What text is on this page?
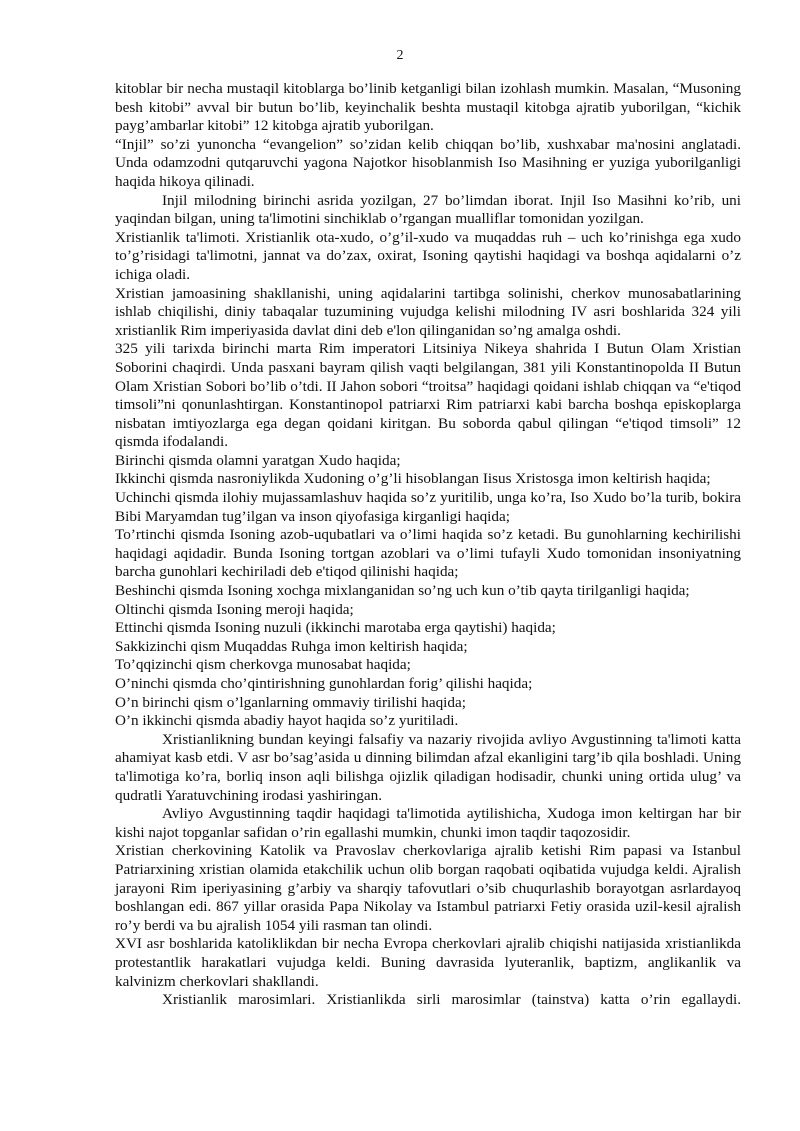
2

kitoblar bir necha mustaqil kitoblarga bo’linib ketganligi bilan izohlash mumkin. Masalan, “Musoning besh kitobi” avval bir butun bo’lib, keyinchalik beshta mustaqil kitobga ajratib yuborilgan, “kichik payg’ambarlar kitobi” 12 kitobga ajratib yuborilgan.

“Injil” so’zi yunoncha “evangelion” so’zidan kelib chiqqan bo’lib, xushxabar ma'nosini anglatadi. Unda odamzodni qutqaruvchi yagona Najotkor hisoblanmish Iso Masihning er yuziga yuborilganligi haqida hikoya qilinadi.

Injil milodning birinchi asrida yozilgan, 27 bo’limdan iborat. Injil Iso Masihni ko’rib, uni yaqindan bilgan, uning ta'limotini sinchiklab o’rgangan mualliflar tomonidan yozilgan.

Xristianlik ta'limoti. Xristianlik ota-xudo, o’g’il-xudo va muqaddas ruh – uch ko’rinishga ega xudo to’g’risidagi ta'limotni, jannat va do’zax, oxirat, Isoning qaytishi haqidagi va boshqa aqidalarni o’z ichiga oladi.

Xristian jamoasining shakllanishi, uning aqidalarini tartibga solinishi, cherkov munosabatlarining ishlab chiqilishi, diniy tabaqalar tuzumining vujudga kelishi milodning IV asri boshlarida 324 yili xristianlik Rim imperiyasida davlat dini deb e'lon qilinganidan so’ng amalga oshdi.

325 yili tarixda birinchi marta Rim imperatori Litsiniya Nikeya shahrida I Butun Olam Xristian Soborini chaqirdi. Unda pasxani bayram qilish vaqti belgilangan, 381 yili Konstantinopolda II Butun Olam Xristian Sobori bo’lib o’tdi. II Jahon sobori “troitsa” haqidagi qoidani ishlab chiqqan va “e'tiqod timsoli”ni qonunlashtirgan. Konstantinopol patriarxi Rim patriarxi kabi barcha boshqa episkoplarga nisbatan imtiyozlarga ega degan qoidani kiritgan. Bu soborda qabul qilingan “e'tiqod timsoli” 12 qismda ifodalandi.

Birinchi qismda olamni yaratgan Xudo haqida;

Ikkinchi qismda nasroniylikda Xudoning o’g’li hisoblangan Iisus Xristosga imon keltirish haqida;

Uchinchi qismda ilohiy mujassamlashuv haqida so’z yuritilib, unga ko’ra, Iso Xudo bo’la turib, bokira Bibi Maryamdan tug’ilgan va inson qiyofasiga kirganligi haqida;

To’rtinchi qismda Isoning azob-uqubatlari va o’limi haqida so’z ketadi. Bu gunohlarning kechirilishi haqidagi aqidadir. Bunda Isoning tortgan azoblari va o’limi tufayli Xudo tomonidan insoniyatning barcha gunohlari kechiriladi deb e'tiqod qilinishi haqida;

Beshinchi qismda Isoning xochga mixlanganidan so’ng uch kun o’tib qayta tirilganligi haqida;

Oltinchi qismda Isoning meroji haqida;

Ettinchi qismda Isoning nuzuli (ikkinchi marotaba erga qaytishi) haqida;

Sakkizinchi qism Muqaddas Ruhga imon keltirish haqida;

To’qqizinchi qism cherkovga munosabat haqida;

O’ninchi qismda cho’qintirishning gunohlardan forig’ qilishi haqida;

O’n birinchi qism o’lganlarning ommaviy tirilishi haqida;

O’n ikkinchi qismda abadiy hayot haqida so’z yuritiladi.

Xristianlikning bundan keyingi falsafiy va nazariy rivojida avliyo Avgustinning ta'limoti katta ahamiyat kasb etdi. V asr bo’sag’asida u dinning bilimdan afzal ekanligini targ’ib qila boshladi. Uning ta'limotiga ko’ra, borliq inson aqli bilishga ojizlik qiladigan hodisadir, chunki uning ortida ulug’ va qudratli Yaratuvchining irodasi yashiringan.

Avliyo Avgustinning taqdir haqidagi ta'limotida aytilishicha, Xudoga imon keltirgan har bir kishi najot topganlar safidan o’rin egallashi mumkin, chunki imon taqdir taqozosidir.

Xristian cherkovining Katolik va Pravoslav cherkovlariga ajralib ketishi Rim papasi va Istanbul Patriarxining xristian olamida etakchilik uchun olib borgan raqobati oqibatida vujudga keldi. Ajralish jarayoni Rim iperiyasining g’arbiy va sharqiy tafovutlari o’sib chuqurlashib borayotgan asrlardayoq boshlangan edi. 867 yillar orasida Papa Nikolay va Istambul patriarxi Fetiy orasida uzil-kesil ajralish ro’y berdi va bu ajralish 1054 yili rasman tan olindi.

XVI asr boshlarida katoliklikdan bir necha Evropa cherkovlari ajralib chiqishi natijasida xristianlikda protestantlik harakatlari vujudga keldi. Buning davrasida lyuteranlik, baptizm, anglikanlik va kalvinizm cherkovlari shakllandi.

Xristianlik marosimlari. Xristianlikda sirli marosimlar (tainstva) katta o’rin egallaydi.
